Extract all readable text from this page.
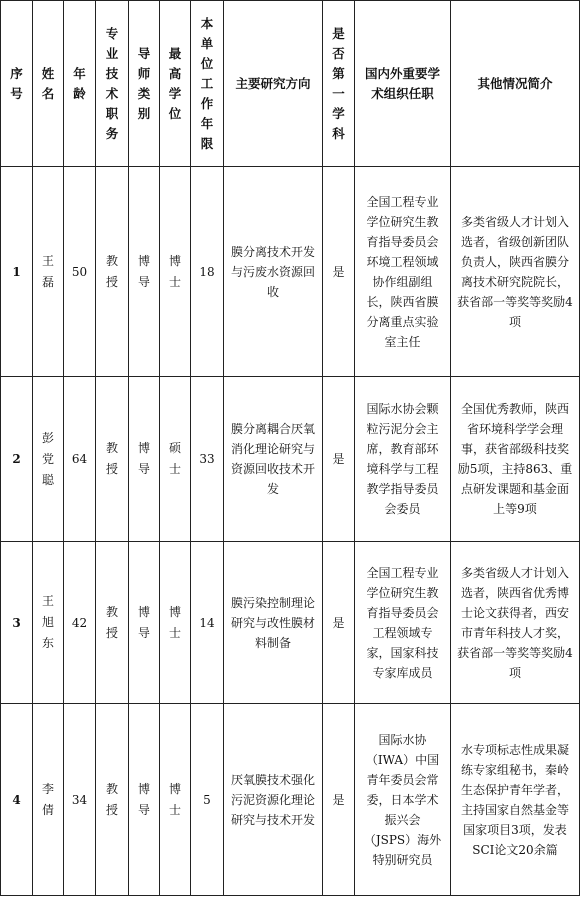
序号	姓名	年龄	专业技术职务	导师类别	最高学位	本单位工作年限	主要研究方向	是否第一学科	国内外重要学术组织任职	其他情况简介
1	王磊	50	教授	博导	博士	18	膜分离技术开发与污废水资源回收	是	全国工程专业学位研究生教育指导委员会环境工程领域协作组副组长，陕西省膜分离重点实验室主任	多类省级人才计划入选者，省级创新团队负责人，陕西省膜分离技术研究院院长，获省部一等奖等奖励4项
2	彭党聪	64	教授	博导	硕士	33	膜分离耦合厌氧消化理论研究与资源回收技术开发	是	国际水协会颗粒污泥分会主席，教育部环境科学与工程教学指导委员会委员	全国优秀教师，陕西省环境科学学会理事，获省部级科技奖励5项，主持863、重点研发课题和基金面上等9项
3	王旭东	42	教授	博导	博士	14	膜污染控制理论研究与改性膜材料制备	是	全国工程专业学位研究生教育指导委员会工程领域专家，国家科技专家库成员	多类省级人才计划入选者，陕西省优秀博士论文获得者，西安市青年科技人才奖，获省部一等奖等奖励4项
4	李倩	34	教授	博导	博士	5	厌氧膜技术强化污泥资源化理论研究与技术开发	是	国际水协（IWA）中国青年委员会常委，日本学术振兴会（JSPS）海外特别研究员	水专项标志性成果凝练专家组秘书，秦岭生态保护青年学者，主持国家自然基金等国家项目3项，发表SCI论文20余篇
